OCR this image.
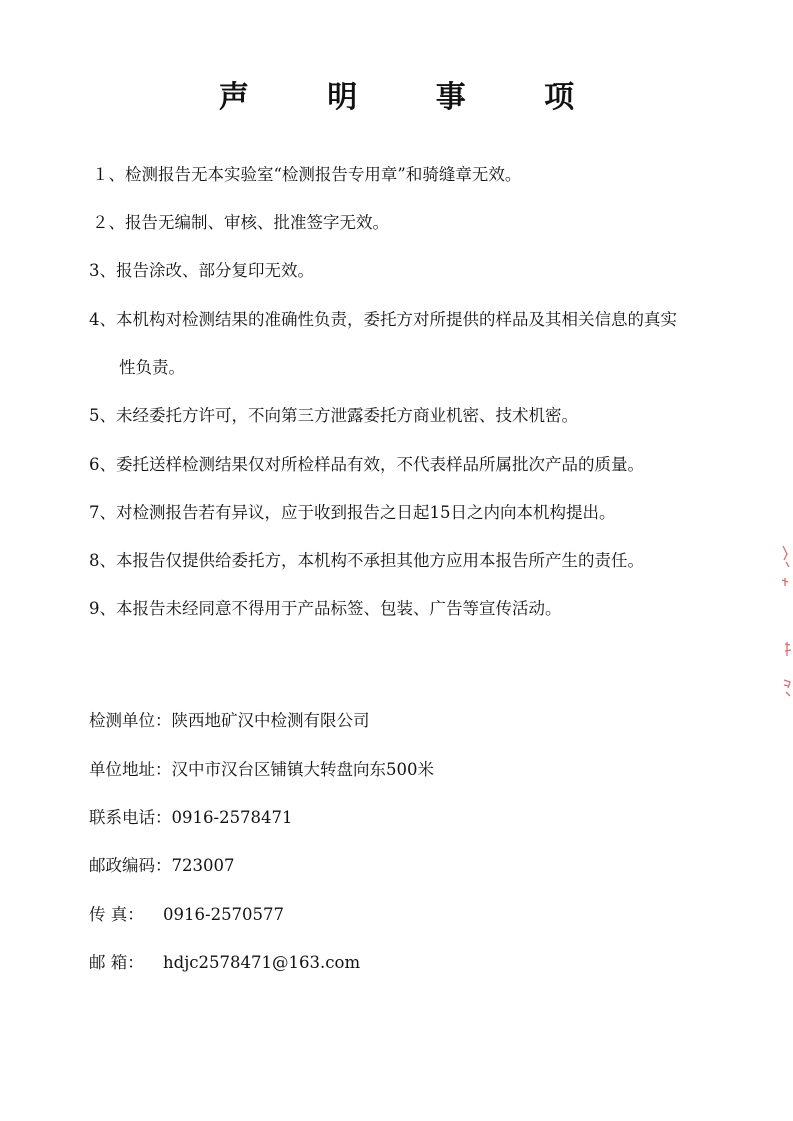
声 明 事 项
１、检测报告无本实验室“检测报告专用章”和骑缝章无效。
２、报告无编制、审核、批准签字无效。
3、报告涂改、部分复印无效。
4、本机构对检测结果的准确性负责，委托方对所提供的样品及其相关信息的真实
性负责。
5、未经委托方许可，不向第三方泄露委托方商业机密、技术机密。
6、委托送样检测结果仅对所检样品有效，不代表样品所属批次产品的质量。
7、对检测报告若有异议，应于收到报告之日起15日之内向本机构提出。
8、本报告仅提供给委托方，本机构不承担其他方应用本报告所产生的责任。
9、本报告未经同意不得用于产品标签、包装、广告等宣传活动。
检测单位：陕西地矿汉中检测有限公司
单位地址：汉中市汉台区铺镇大转盘向东500米
联系电话：0916-2578471
邮政编码：723007
传 真： 0916-2570577
邮 箱： hdjc2578471@163.com
